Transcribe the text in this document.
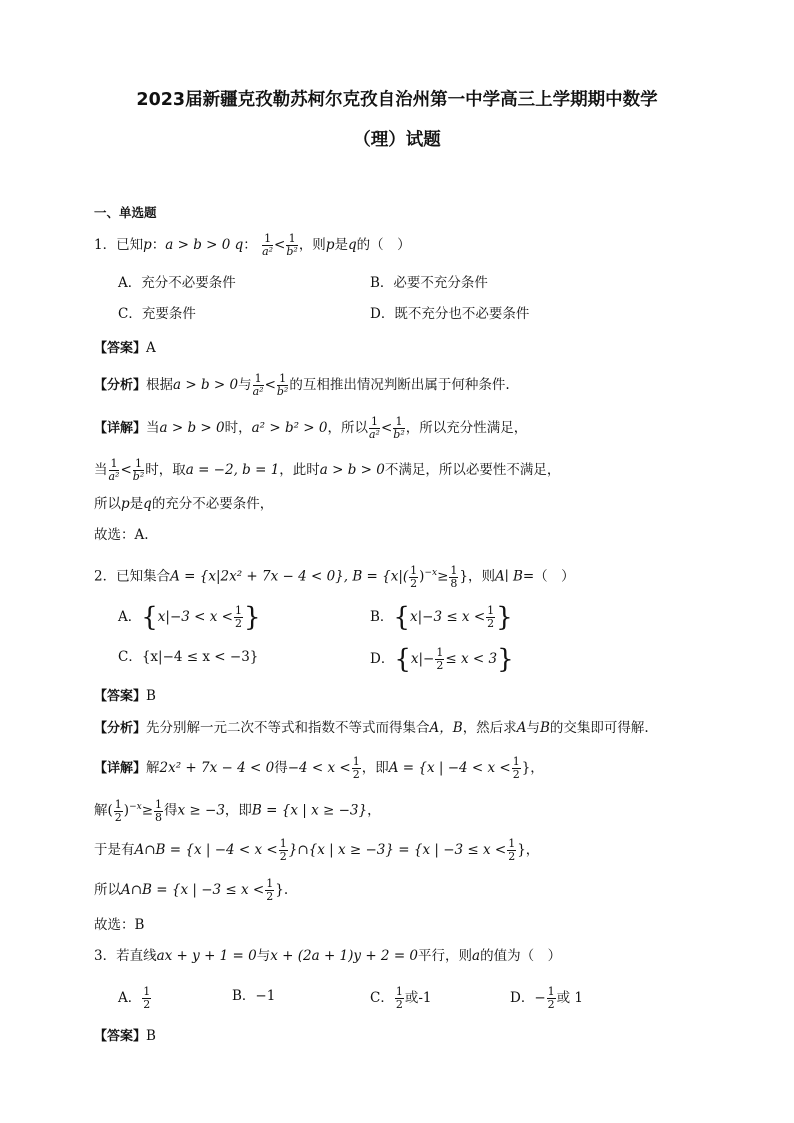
2023届新疆克孜勒苏柯尔克孜自治州第一中学高三上学期期中数学
（理）试题
一、单选题
1．已知p：a > b > 0 q： $\frac{1}{\text{a²}} < \frac{1}{\text{b²}}$ ，则p是q的（　）
A．充分不必要条件	B．必要不充分条件
C．充要条件	D．既不充分也不必要条件
【答案】A
【分析】根据a > b > 0与 $\frac{1}{\text{a²}} < \frac{1}{\text{b²}}$ 的互相推出情况判断出属于何种条件.
【详解】当a > b > 0时，a² > b² > 0，所以 $\frac{1}{\text{a²}} < \frac{1}{\text{b²}}$ ，所以充分性满足，
当 $\frac{1}{\text{a²}} < \frac{1}{\text{b²}}$ 时，取a = −2, b = 1，此时a > b > 0不满足，所以必要性不满足，
所以p是q的充分不必要条件，
故选：A.
2．已知集合A = {x|2x² + 7x − 4 < 0}, $B = \{x|( \frac{1}{2} )^{-x}\ge \frac{1}{8}$ }，则A∣ B=（　）
A．{$x|-3 < x < \frac{1}{2}$ }	B．{$x|-3 \le x < \frac{1}{2}$ }
C．{x|−4 ≤ x < −3}	D．$\{x|- \frac{1}{2} \le x < 3\}$
【答案】B
【分析】先分别解一元二次不等式和指数不等式而得集合A，B，然后求A与B的交集即可得解.
【详解】解2x² + 7x − 4 < 0得$-4 < x < \frac{1}{2}$ ，即A = {x | $-4 < x < \frac{1}{2}$ }，
解( $\frac{1}{2} )^{-x}\ge \frac{1}{8}$ 得x ≥ −3，即B = {x | x ≥ −3}，
于是有A∩B = {x | $-4 < x < \frac{1}{2}$ }∩{x | x ≥ −3} = {x | $-3 \le x < \frac{1}{2}$ }，
所以A∩B = {x | $-3 \le x < \frac{1}{2}$ }.
故选：B
3．若直线ax + y + 1 = 0与x + (2a + 1)y + 2 = 0平行，则a的值为（　）
A． $\frac{1}{2}$	B．−1	C． $\frac{1}{2}$ 或-1	D．− $\frac{1}{2}$ 或 1
【答案】B
